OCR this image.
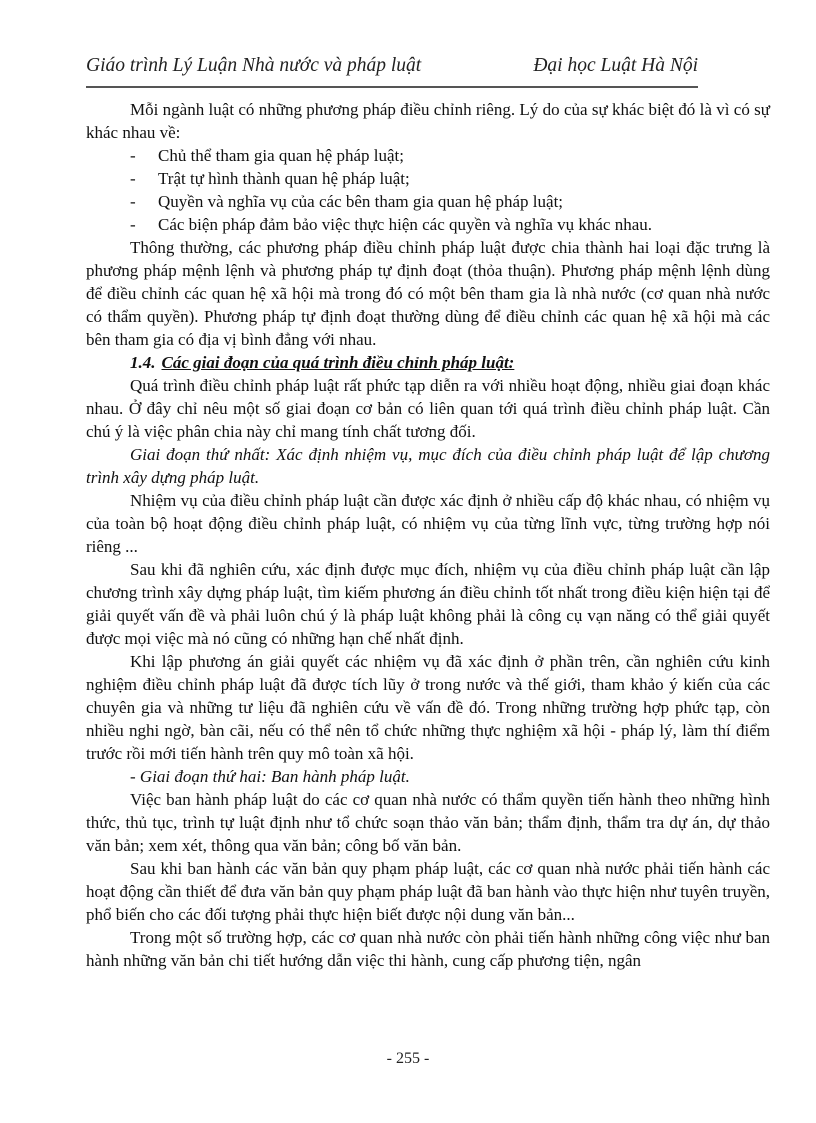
Giáo trình Lý Luận Nhà nước và pháp luật	Đại học Luật Hà Nội

Mỗi ngành luật có những phương pháp điều chỉnh riêng. Lý do của sự khác biệt đó là vì có sự khác nhau về:

- Chủ thể tham gia quan hệ pháp luật;
- Trật tự hình thành quan hệ pháp luật;
- Quyền và nghĩa vụ của các bên tham gia quan hệ pháp luật;
- Các biện pháp đảm bảo việc thực hiện các quyền và nghĩa vụ khác nhau.

Thông thường, các phương pháp điều chỉnh pháp luật được chia thành hai loại đặc trưng là phương pháp mệnh lệnh và phương pháp tự định đoạt (thỏa thuận). Phương pháp mệnh lệnh dùng để điều chỉnh các quan hệ xã hội mà trong đó có một bên tham gia là nhà nước (cơ quan nhà nước có thẩm quyền). Phương pháp tự định đoạt thường dùng để điều chỉnh các quan hệ xã hội mà các bên tham gia có địa vị bình đẳng với nhau.

1.4. Các giai đoạn của quá trình điều chỉnh pháp luật:

Quá trình điều chỉnh pháp luật rất phức tạp diễn ra với nhiều hoạt động, nhiều giai đoạn khác nhau. Ở đây chỉ nêu một số giai đoạn cơ bản có liên quan tới quá trình điều chỉnh pháp luật. Cần chú ý là việc phân chia này chỉ mang tính chất tương đối.

Giai đoạn thứ nhất: Xác định nhiệm vụ, mục đích của điều chỉnh pháp luật để lập chương trình xây dựng pháp luật.

Nhiệm vụ của điều chỉnh pháp luật cần được xác định ở nhiều cấp độ khác nhau, có nhiệm vụ của toàn bộ hoạt động điều chỉnh pháp luật, có nhiệm vụ của từng lĩnh vực, từng trường hợp nói riêng ...

Sau khi đã nghiên cứu, xác định được mục đích, nhiệm vụ của điều chỉnh pháp luật cần lập chương trình xây dựng pháp luật, tìm kiếm phương án điều chỉnh tốt nhất trong điều kiện hiện tại để giải quyết vấn đề và phải luôn chú ý là pháp luật không phải là công cụ vạn năng có thể giải quyết được mọi việc mà nó cũng có những hạn chế nhất định.

Khi lập phương án giải quyết các nhiệm vụ đã xác định ở phần trên, cần nghiên cứu kinh nghiệm điều chỉnh pháp luật đã được tích lũy ở trong nước và thế giới, tham khảo ý kiến của các chuyên gia và những tư liệu đã nghiên cứu về vấn đề đó. Trong những trường hợp phức tạp, còn nhiều nghi ngờ, bàn cãi, nếu có thể nên tổ chức những thực nghiệm xã hội - pháp lý, làm thí điểm trước rồi mới tiến hành trên quy mô toàn xã hội.

- Giai đoạn thứ hai: Ban hành pháp luật.

Việc ban hành pháp luật do các cơ quan nhà nước có thẩm quyền tiến hành theo những hình thức, thủ tục, trình tự luật định như tổ chức soạn thảo văn bản; thẩm định, thẩm tra dự án, dự thảo văn bản; xem xét, thông qua văn bản; công bố văn bản.

Sau khi ban hành các văn bản quy phạm pháp luật, các cơ quan nhà nước phải tiến hành các hoạt động cần thiết để đưa văn bản quy phạm pháp luật đã ban hành vào thực hiện như tuyên truyền, phổ biến cho các đối tượng phải thực hiện biết được nội dung văn bản...

Trong một số trường hợp, các cơ quan nhà nước còn phải tiến hành những công việc như ban hành những văn bản chi tiết hướng dẫn việc thi hành, cung cấp phương tiện, ngân

- 255 -
